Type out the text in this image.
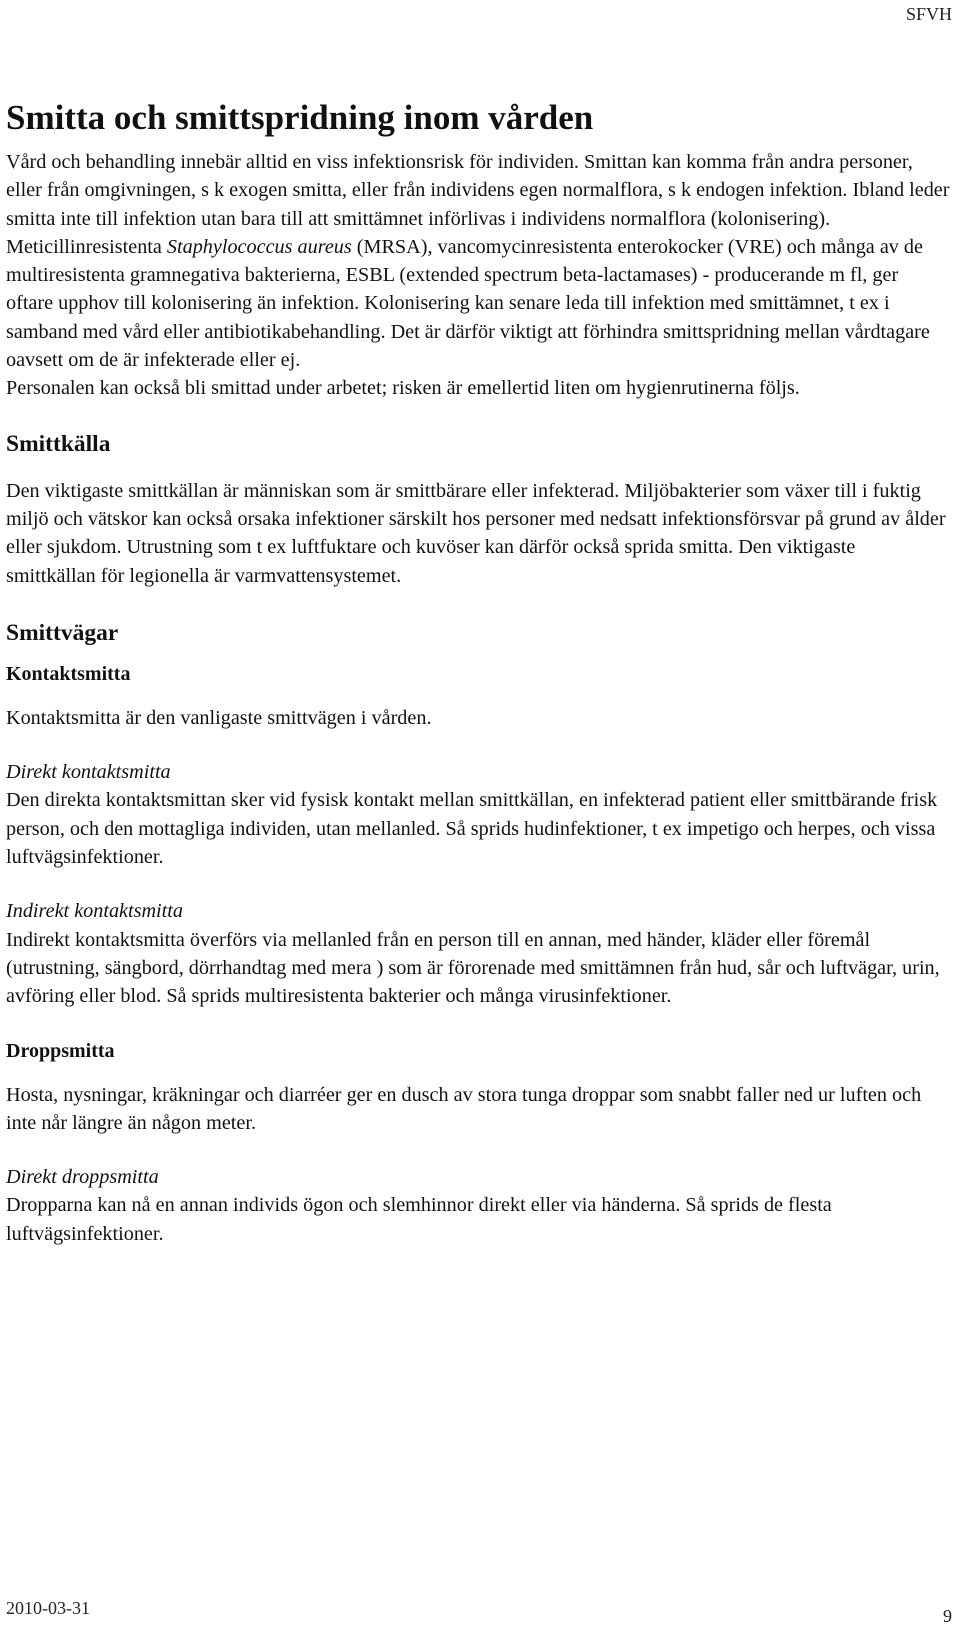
SFVH
Smitta och smittspridning inom vården

Vård och behandling innebär alltid en viss infektionsrisk för individen. Smittan kan komma från andra personer, eller från omgivningen, s k exogen smitta, eller från individens egen normalflora, s k endogen infektion. Ibland leder smitta inte till infektion utan bara till att smittämnet införlivas i individens normalflora (kolonisering). Meticillinresistenta Staphylococcus aureus (MRSA), vancomycinresistenta enterokocker (VRE) och många av de multiresistenta gramnegativa bakterierna, ESBL (extended spectrum beta-lactamases) - producerande m fl, ger oftare upphov till kolonisering än infektion. Kolonisering kan senare leda till infektion med smittämnet, t ex i samband med vård eller antibiotikabehandling. Det är därför viktigt att förhindra smittspridning mellan vårdtagare oavsett om de är infekterade eller ej.

Personalen kan också bli smittad under arbetet; risken är emellertid liten om hygienrutinerna följs.

Smittkälla

Den viktigaste smittkällan är människan som är smittbärare eller infekterad. Miljöbakterier som växer till i fuktig miljö och vätskor kan också orsaka infektioner särskilt hos personer med nedsatt infektionsförsvar på grund av ålder eller sjukdom. Utrustning som t ex luftfuktare och kuvöser kan därför också sprida smitta. Den viktigaste smittkällan för legionella är varmvattensystemet.

Smittvägar
Kontaktsmitta

Kontaktsmitta är den vanligaste smittvägen i vården.

Direkt kontaktsmitta

Den direkta kontaktsmittan sker vid fysisk kontakt mellan smittkällan, en infekterad patient eller smittbärande frisk person, och den mottagliga individen, utan mellanled. Så sprids hudinfektioner, t ex impetigo och herpes, och vissa luftvägsinfektioner.

Indirekt kontaktsmitta

Indirekt kontaktsmitta överförs via mellanled från en person till en annan, med händer, kläder eller föremål (utrustning, sängbord, dörrhandtag med mera ) som är förorenade med smittämnen från hud, sår och luftvägar, urin, avföring eller blod. Så sprids multiresistenta bakterier och många virusinfektioner.

Droppsmitta

Hosta, nysningar, kräkningar och diarréer ger en dusch av stora tunga droppar som snabbt faller ned ur luften och inte når längre än någon meter.

Direkt droppsmitta

Dropparna kan nå en annan individs ögon och slemhinnor direkt eller via händerna. Så sprids de flesta luftvägsinfektioner.

2010-03-31	9
